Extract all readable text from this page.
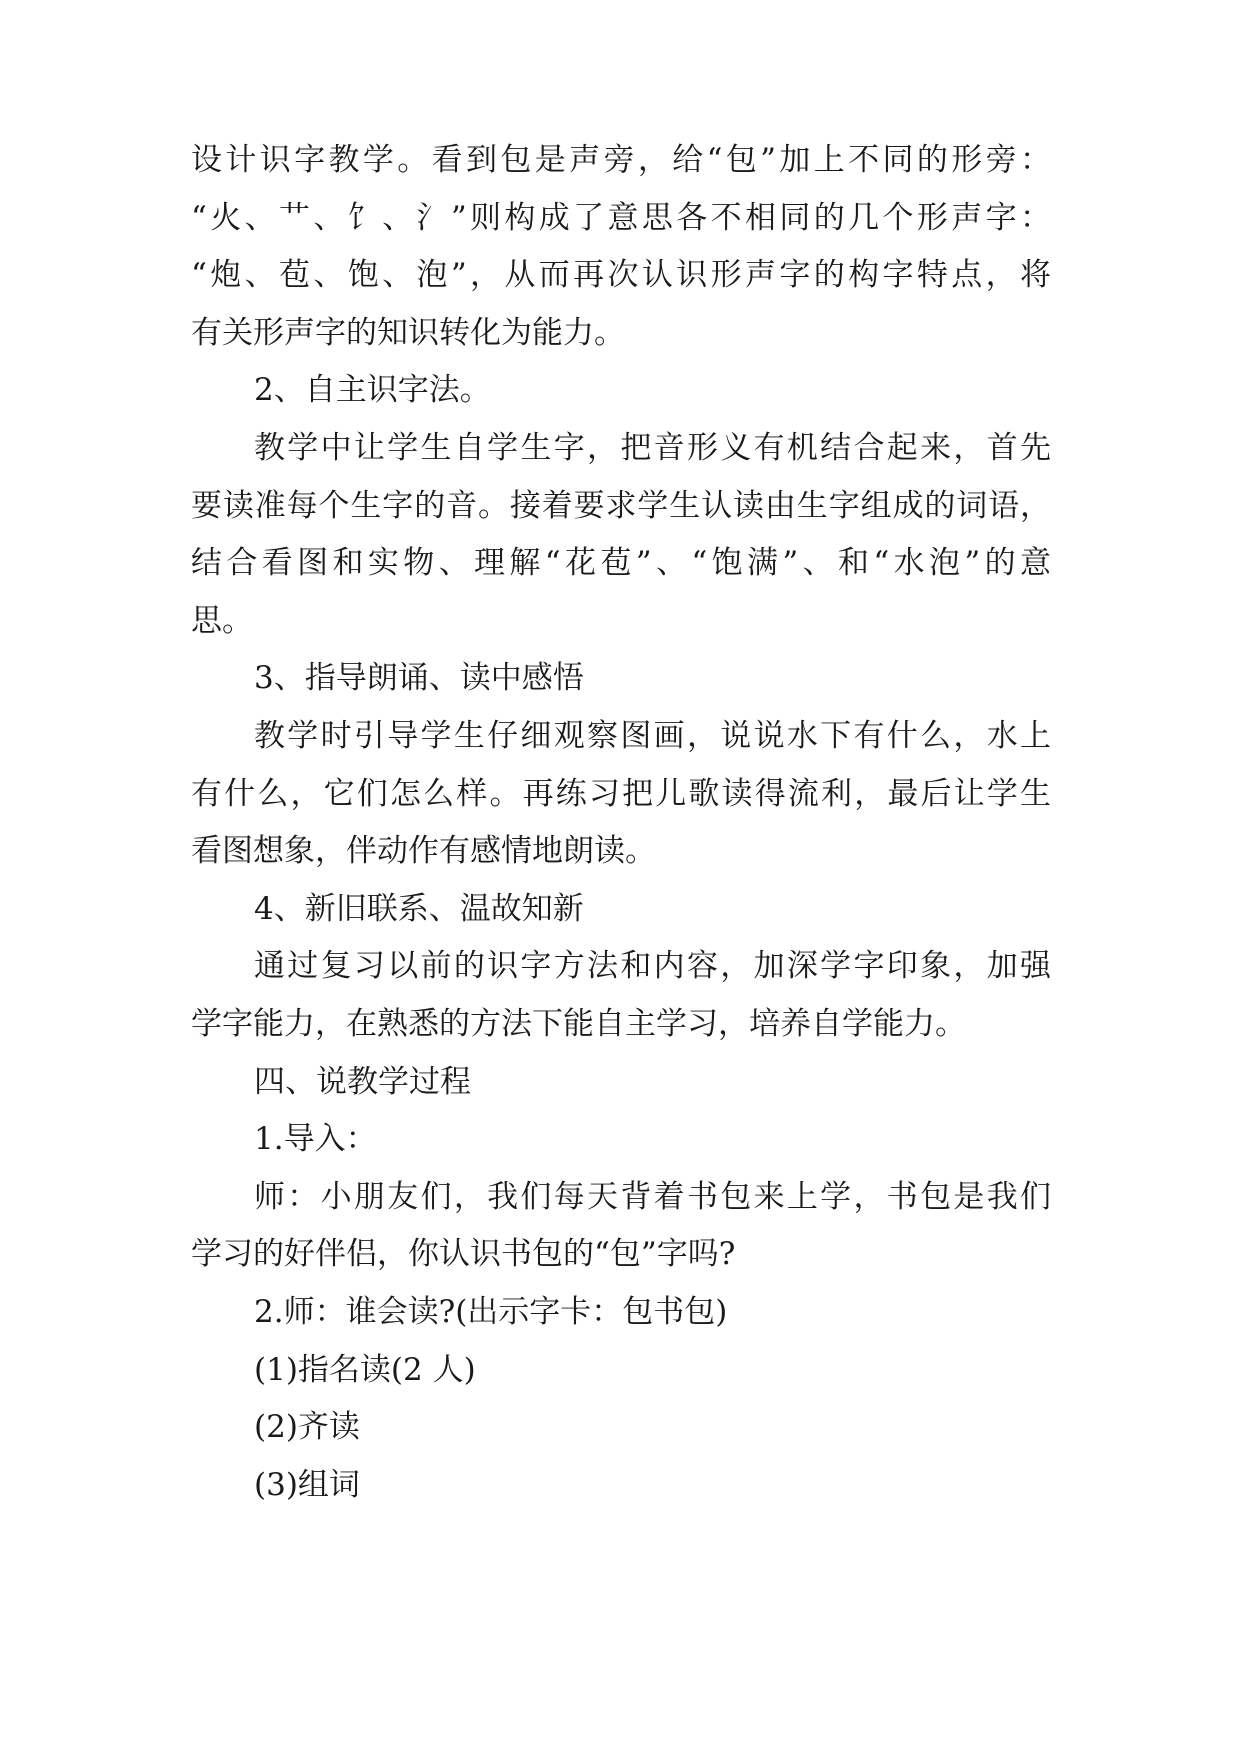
设计识字教学。看到包是声旁，给“包”加上不同的形旁：
“火、艹、饣、氵”则构成了意思各不相同的几个形声字：
“炮、苞、饱、泡”，从而再次认识形声字的构字特点，将
有关形声字的知识转化为能力。
2、自主识字法。
教学中让学生自学生字，把音形义有机结合起来，首先
要读准每个生字的音。接着要求学生认读由生字组成的词语，
结合看图和实物、理解“花苞”、“饱满”、和“水泡”的意
思。
3、指导朗诵、读中感悟
教学时引导学生仔细观察图画，说说水下有什么，水上
有什么，它们怎么样。再练习把儿歌读得流利，最后让学生
看图想象，伴动作有感情地朗读。
4、新旧联系、温故知新
通过复习以前的识字方法和内容，加深学字印象，加强
学字能力，在熟悉的方法下能自主学习，培养自学能力。
四、说教学过程
1.导入：
师：小朋友们，我们每天背着书包来上学，书包是我们
学习的好伴侣，你认识书包的“包”字吗?
2.师：谁会读?(出示字卡：包书包)
(1)指名读(2 人)
(2)齐读
(3)组词
